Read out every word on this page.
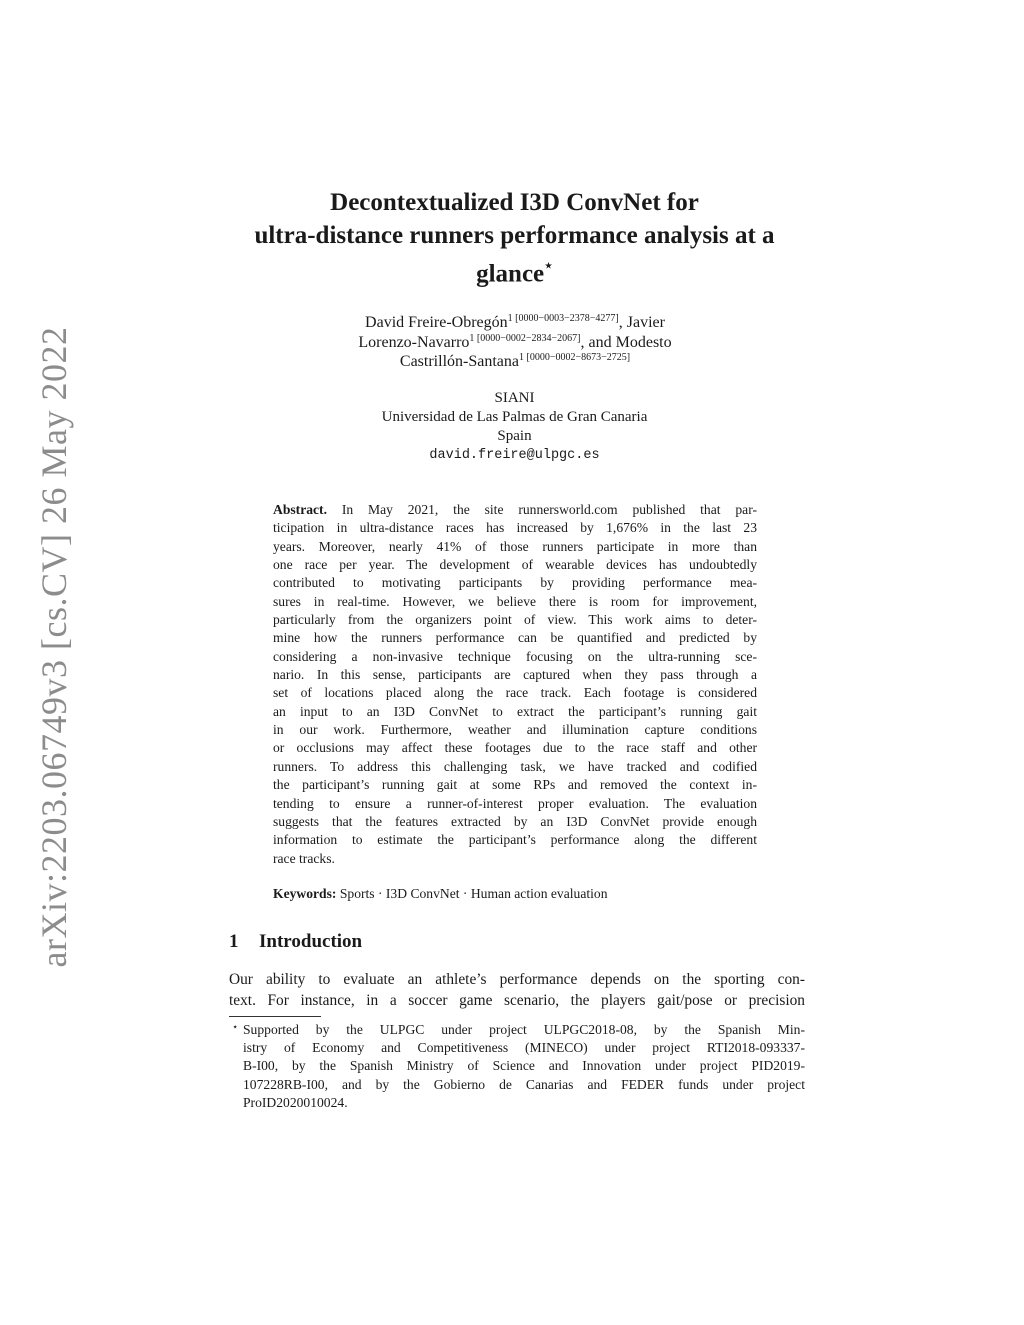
arXiv:2203.06749v3 [cs.CV] 26 May 2022
Decontextualized I3D ConvNet for
ultra-distance runners performance analysis at a
glance⋆
David Freire-Obregón$^{1 [0000-0003-2378-4277]}$, Javier
Lorenzo-Navarro$^{1 [0000-0002-2834-2067]}$, and Modesto
Castrillón-Santana$^{1 [0000-0002-8673-2725]}$
SIANI
Universidad de Las Palmas de Gran Canaria
Spain
david.freire@ulpgc.es
Abstract. In May 2021, the site runnersworld.com published that par-
ticipation in ultra-distance races has increased by 1,676% in the last 23
years. Moreover, nearly 41% of those runners participate in more than
one race per year. The development of wearable devices has undoubtedly
contributed to motivating participants by providing performance mea-
sures in real-time. However, we believe there is room for improvement,
particularly from the organizers point of view. This work aims to deter-
mine how the runners performance can be quantified and predicted by
considering a non-invasive technique focusing on the ultra-running sce-
nario. In this sense, participants are captured when they pass through a
set of locations placed along the race track. Each footage is considered
an input to an I3D ConvNet to extract the participant’s running gait
in our work. Furthermore, weather and illumination capture conditions
or occlusions may affect these footages due to the race staff and other
runners. To address this challenging task, we have tracked and codified
the participant’s running gait at some RPs and removed the context in-
tending to ensure a runner-of-interest proper evaluation. The evaluation
suggests that the features extracted by an I3D ConvNet provide enough
information to estimate the participant’s performance along the different
race tracks.
Keywords: Sports · I3D ConvNet · Human action evaluation
1 Introduction
Our ability to evaluate an athlete’s performance depends on the sporting con-
text. For instance, in a soccer game scenario, the players gait/pose or precision
⋆ Supported by the ULPGC under project ULPGC2018-08, by the Spanish Min-
istry of Economy and Competitiveness (MINECO) under project RTI2018-093337-
B-I00, by the Spanish Ministry of Science and Innovation under project PID2019-
107228RB-I00, and by the Gobierno de Canarias and FEDER funds under project
ProID2020010024.
